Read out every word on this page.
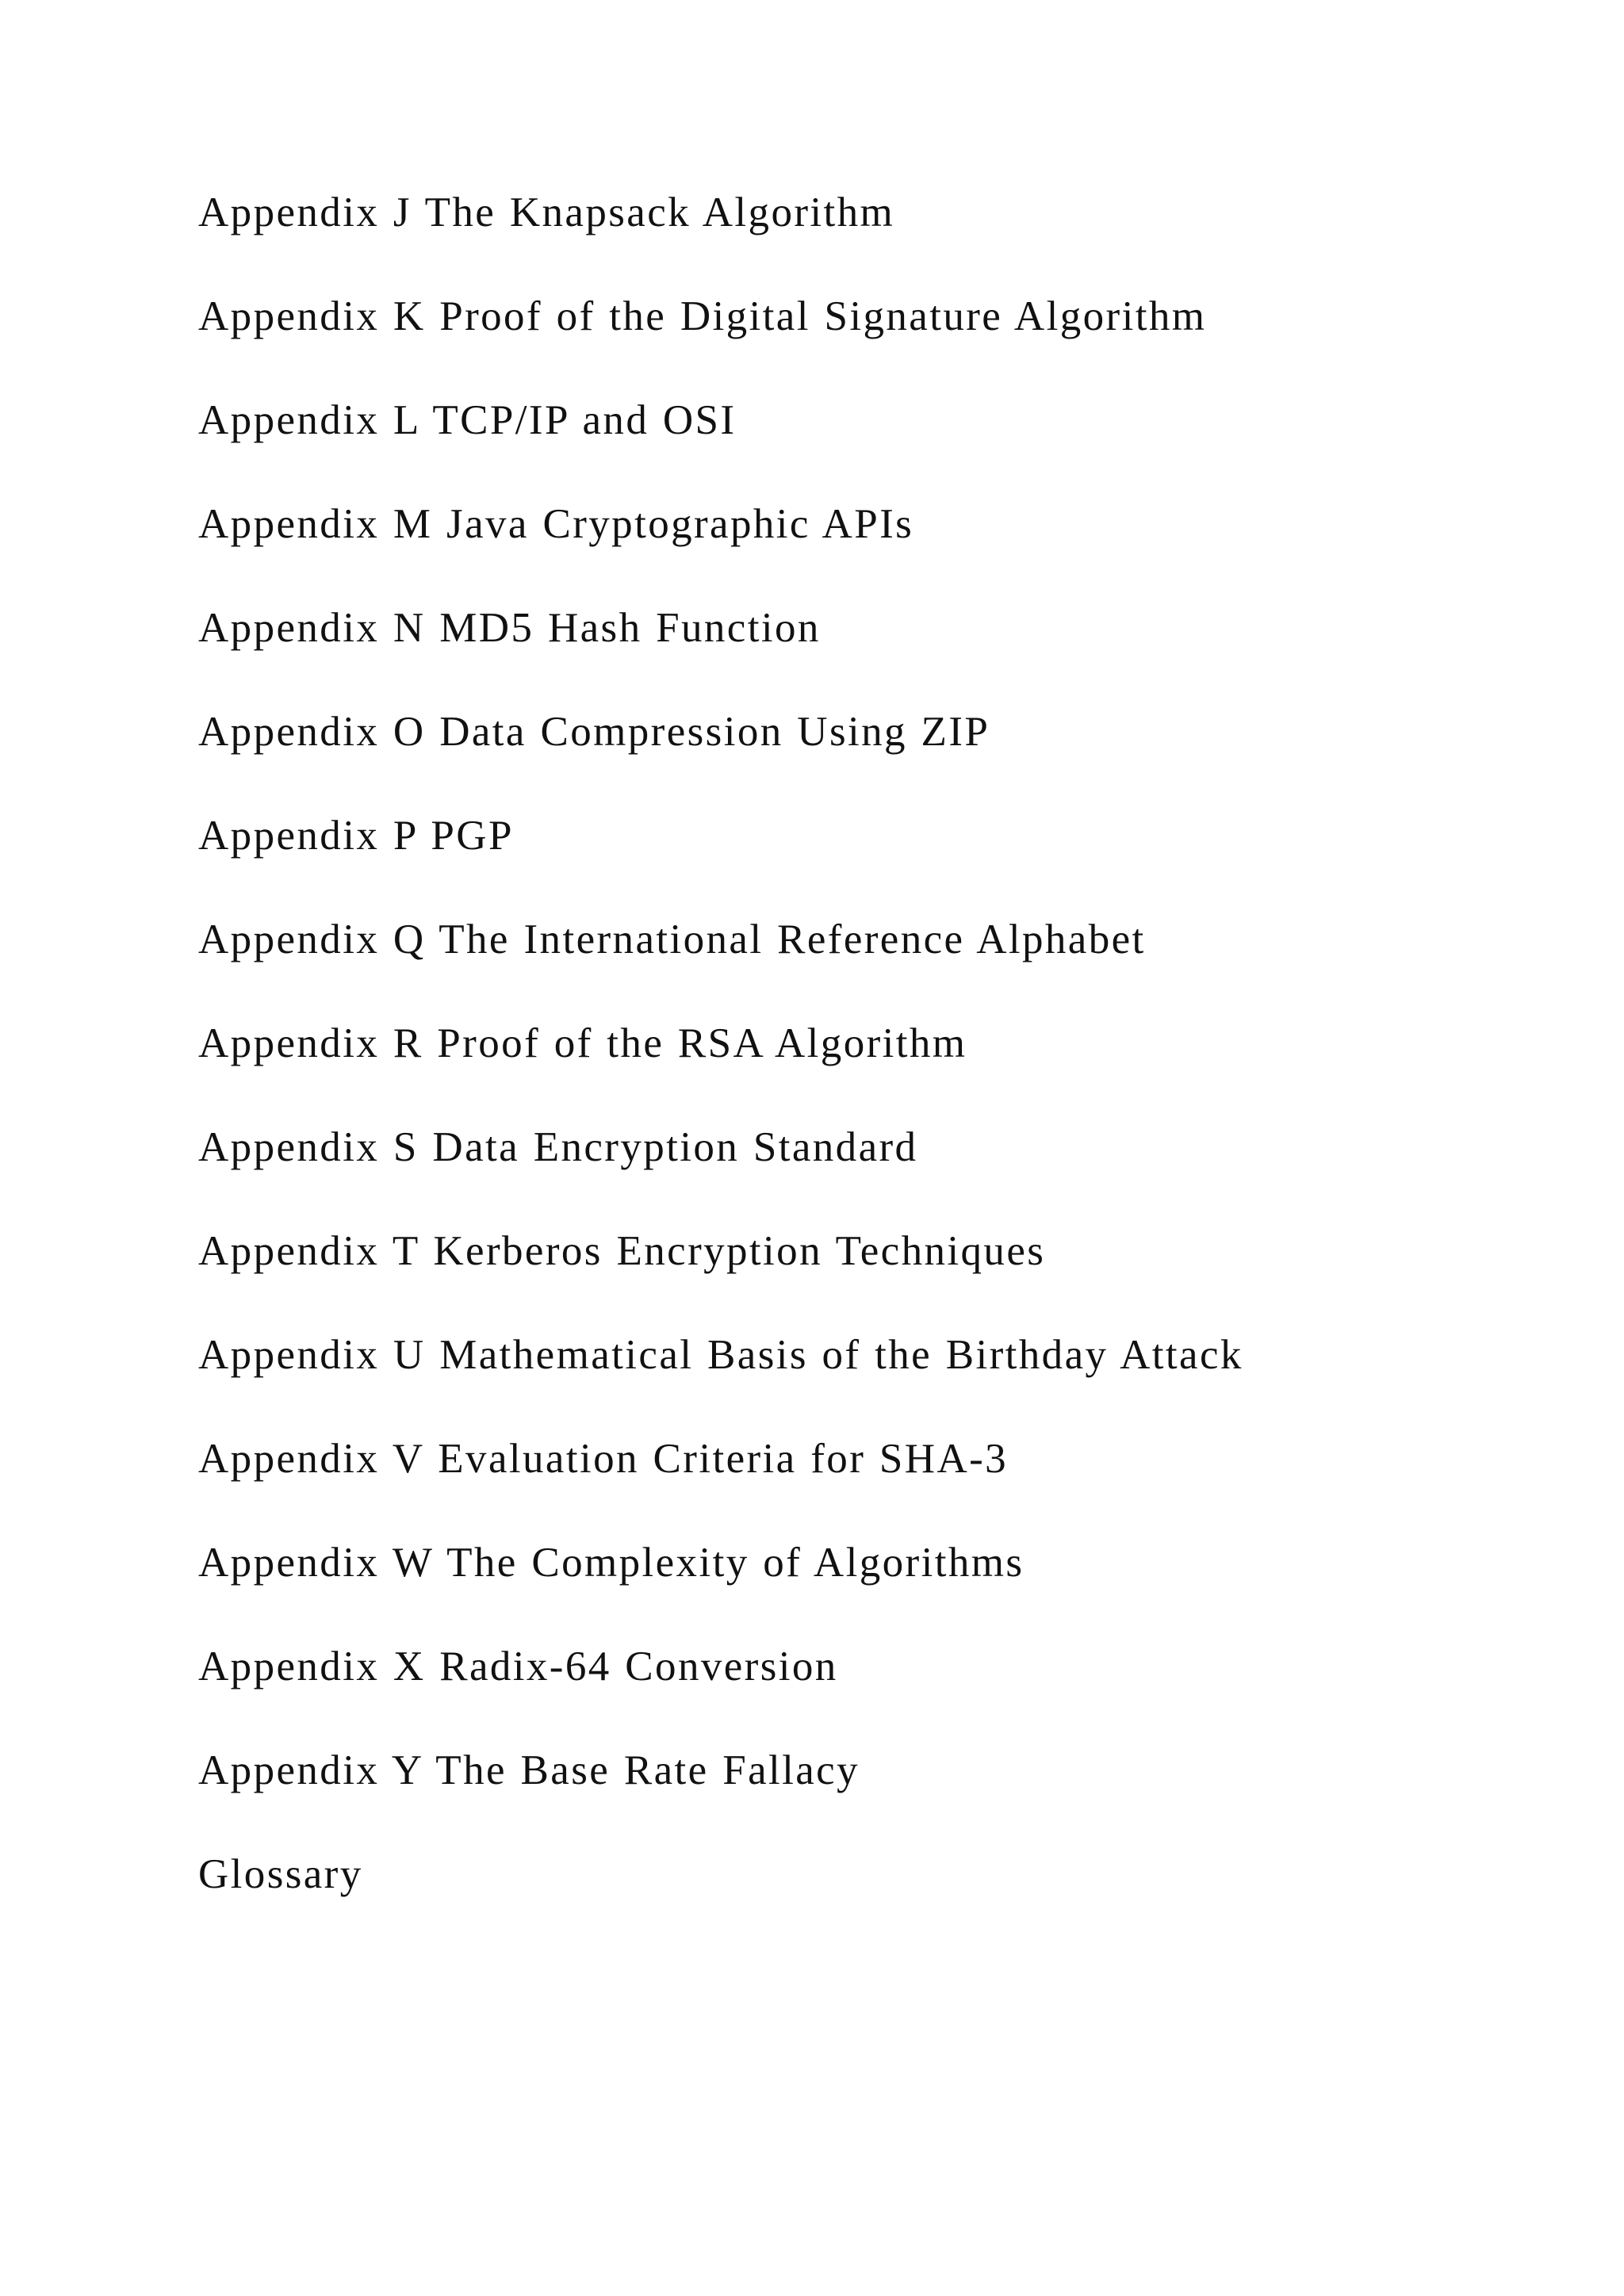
Appendix J The Knapsack Algorithm
Appendix K Proof of the Digital Signature Algorithm
Appendix L TCP/IP and OSI
Appendix M Java Cryptographic APIs
Appendix N MD5 Hash Function
Appendix O Data Compression Using ZIP
Appendix P PGP
Appendix Q The International Reference Alphabet
Appendix R Proof of the RSA Algorithm
Appendix S Data Encryption Standard
Appendix T Kerberos Encryption Techniques
Appendix U Mathematical Basis of the Birthday Attack
Appendix V Evaluation Criteria for SHA-3
Appendix W The Complexity of Algorithms
Appendix X Radix-64 Conversion
Appendix Y The Base Rate Fallacy
Glossary
